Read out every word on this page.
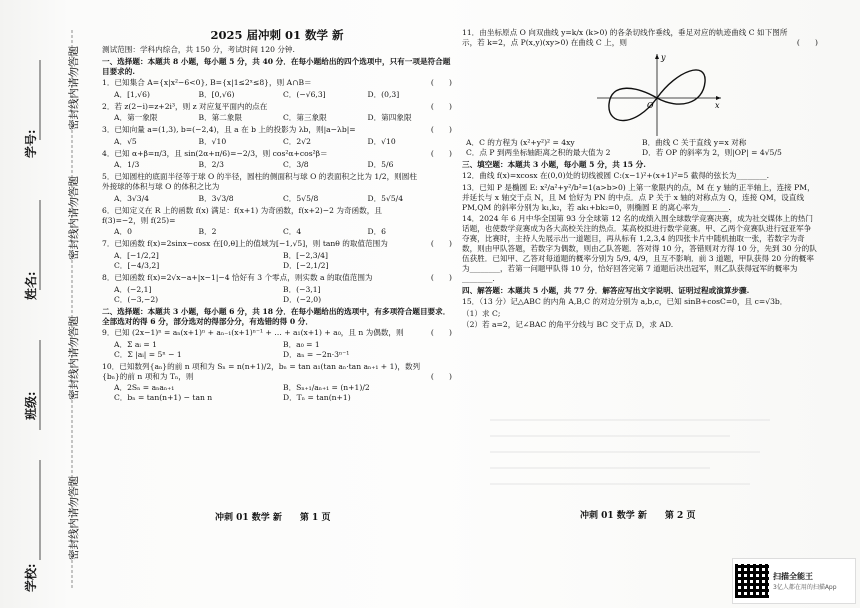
学号:
姓名:
班级:
学校:
密封线内请勿答题
密封线内请勿答题
密封线内请勿答题
密封线内请勿答题
2025 届冲刺 01 数学 新

测试范围：学科内综合，共 150 分，考试时间 120 分钟.

一、选择题：本题共 8 小题，每小题 5 分，共 40 分．在每小题给出的四个选项中，只有一项是符合题目要求的.

1．已知集合 A={x|x²−6<0}, B={x|1≤2ˣ≤8}，则 A∩B＝	(　　)

A．[1,√6)	B．[0,√6)	C．(−√6,3]	D．(0,3]

2．若 z(2−i)=z+2i³，则 z 对应复平面内的点在	(　　)

A．第一象限	B．第二象限	C．第三象限	D．第四象限

3．已知向量 a=(1,3), b=(−2,4)，且 a 在 b 上的投影为 λb，则|a−λb|=	(　　)

A．√5	B．√10	C．2√2	D．√10

4．已知 α+β=π/3，且 sin(2α+π/6)=−2/3，则 cos²α+cos²β＝	(　　)

A．1/3	B．2/3	C．3/8	D．5/6

5．已知圆柱的底面半径等于球 O 的半径，圆柱的侧面积与球 O 的表面积之比为 1/2，则圆柱外接球的体积与球 O 的体积之比为

A．3√3/4	B．3√3/8	C．5√5/8	D．5√5/4

6．已知定义在 R 上的函数 f(x) 满足：f(x+1) 为奇函数，f(x+2)−2 为奇函数，且 f(3)=−2，则 f(25)=

A．0	B．2	C．4	D．6

7．已知函数 f(x)=2sinx−cosx 在[0,θ]上的值域为[−1,√5]，则 tanθ 的取值范围为	(　　)

A．[−1/2,2]	B．[−2,3/4]
C．[−4/3,2]	D．[−2,1/2]

8．已知函数 f(x)=2√x−a+|x−1|−4 恰好有 3 个零点，则实数 a 的取值范围为	(　　)

A．(−2,1]	B．(−3,1]
C．(−3,−2)	D．(−2,0)

二、选择题：本题共 3 小题，每小题 6 分，共 18 分．在每小题给出的选项中，有多项符合题目要求．全部选对的得 6 分，部分选对的得部分分，有选错的得 0 分．

9．已知 (2x−1)ⁿ = aₙ(x+1)ⁿ + aₙ₋₁(x+1)ⁿ⁻¹ + … + a₁(x+1) + a₀，且 n 为偶数，则	(　　)

A．Σ aᵢ = 1	B．a₀ = 1
C．Σ |aᵢ| = 5ⁿ − 1	D．aₙ = −2n·3ⁿ⁻¹

10．已知数列{aₙ}的前 n 项和为 Sₙ = n(n+1)/2，bₙ = tan a₁(tan aₙ·tan aₙ₊₁ + 1)，数列{bₙ}的前 n 项和为 Tₙ，则	(　　)

A．2Sₙ = aₙaₙ₊₁	B．Sₙ₊₁/aₙ₊₁ = (n+1)/2
C．bₙ = tan(n+1) − tan n	D．Tₙ = tan(n+1)
冲刺 01 数学 新　　第 1 页

11．由坐标原点 O 向双曲线 y=k/x (k>0) 的各条切线作垂线，垂足对应的轨迹曲线 C 如下图所示，若 k=2，点 P(x,y)(xy>0) 在曲线 C 上，则	(　　)

O	x
y
A．C 的方程为 (x²+y²)² = 4xy	B．曲线 C 关于直线 y=x 对称
C．点 P 到两坐标轴距离之积的最大值为 2	D．若 OP 的斜率为 2，则|OP| = 4√5/5

三、填空题：本题共 3 小题，每小题 5 分，共 15 分.

12．曲线 f(x)=xcosx 在(0,0)处的切线被圆 C:(x−1)²+(x+1)²=5 截得的弦长为________.

13．已知 P 是椭圆 E: x²/a²+y²/b²=1(a>b>0) 上第一象限内的点，M 在 y 轴的正半轴上，连接 PM，并延长与 x 轴交于点 N，且 M 恰好为 PN 的中点．点 P 关于 x 轴的对称点为 Q，连接 QM，设直线 PM,QM 的斜率分别为 k₁,k₂，若 ak₁+bk₂=0，则椭圆 E 的离心率为________.

14．2024 年 6 月中华全国第 93 分全球第 12 名的成绩入围全球数学竞赛决赛，成为社交媒体上的热门话题，也使数学竞赛成为各大高校关注的热点．某高校拟进行数学竞赛。甲、乙两个竞赛队进行冠亚军争夺赛，比赛时，主持人先展示出一道题目，再从标有 1,2,3,4 的四张卡片中随机抽取一张，若数字为奇数，则由甲队答题，若数字为偶数，则由乙队答题．答对得 10 分，答错则对方得 10 分，先到 30 分的队伍获胜．已知甲、乙答对每道题的概率分别为 5/9, 4/9，且互不影响．前 3 道题，甲队获得 20 分的概率为________，若第一问题甲队得 10 分，恰好回答完第 7 道题后决出冠军，则乙队获得冠军的概率为________.

四、解答题：本题共 5 小题，共 77 分．解答应写出文字说明、证明过程或演算步骤.

15．（13 分）记△ABC 的内角 A,B,C 的对边分别为 a,b,c，已知 sinB+cosC=0，且 c=√3b．

（1）求 C;

（2）若 a=2，记∠BAC 的角平分线与 BC 交于点 D，求 AD.

冲刺 01 数学 新　　第 2 页
扫描全能王
3亿人都在用的扫描App
